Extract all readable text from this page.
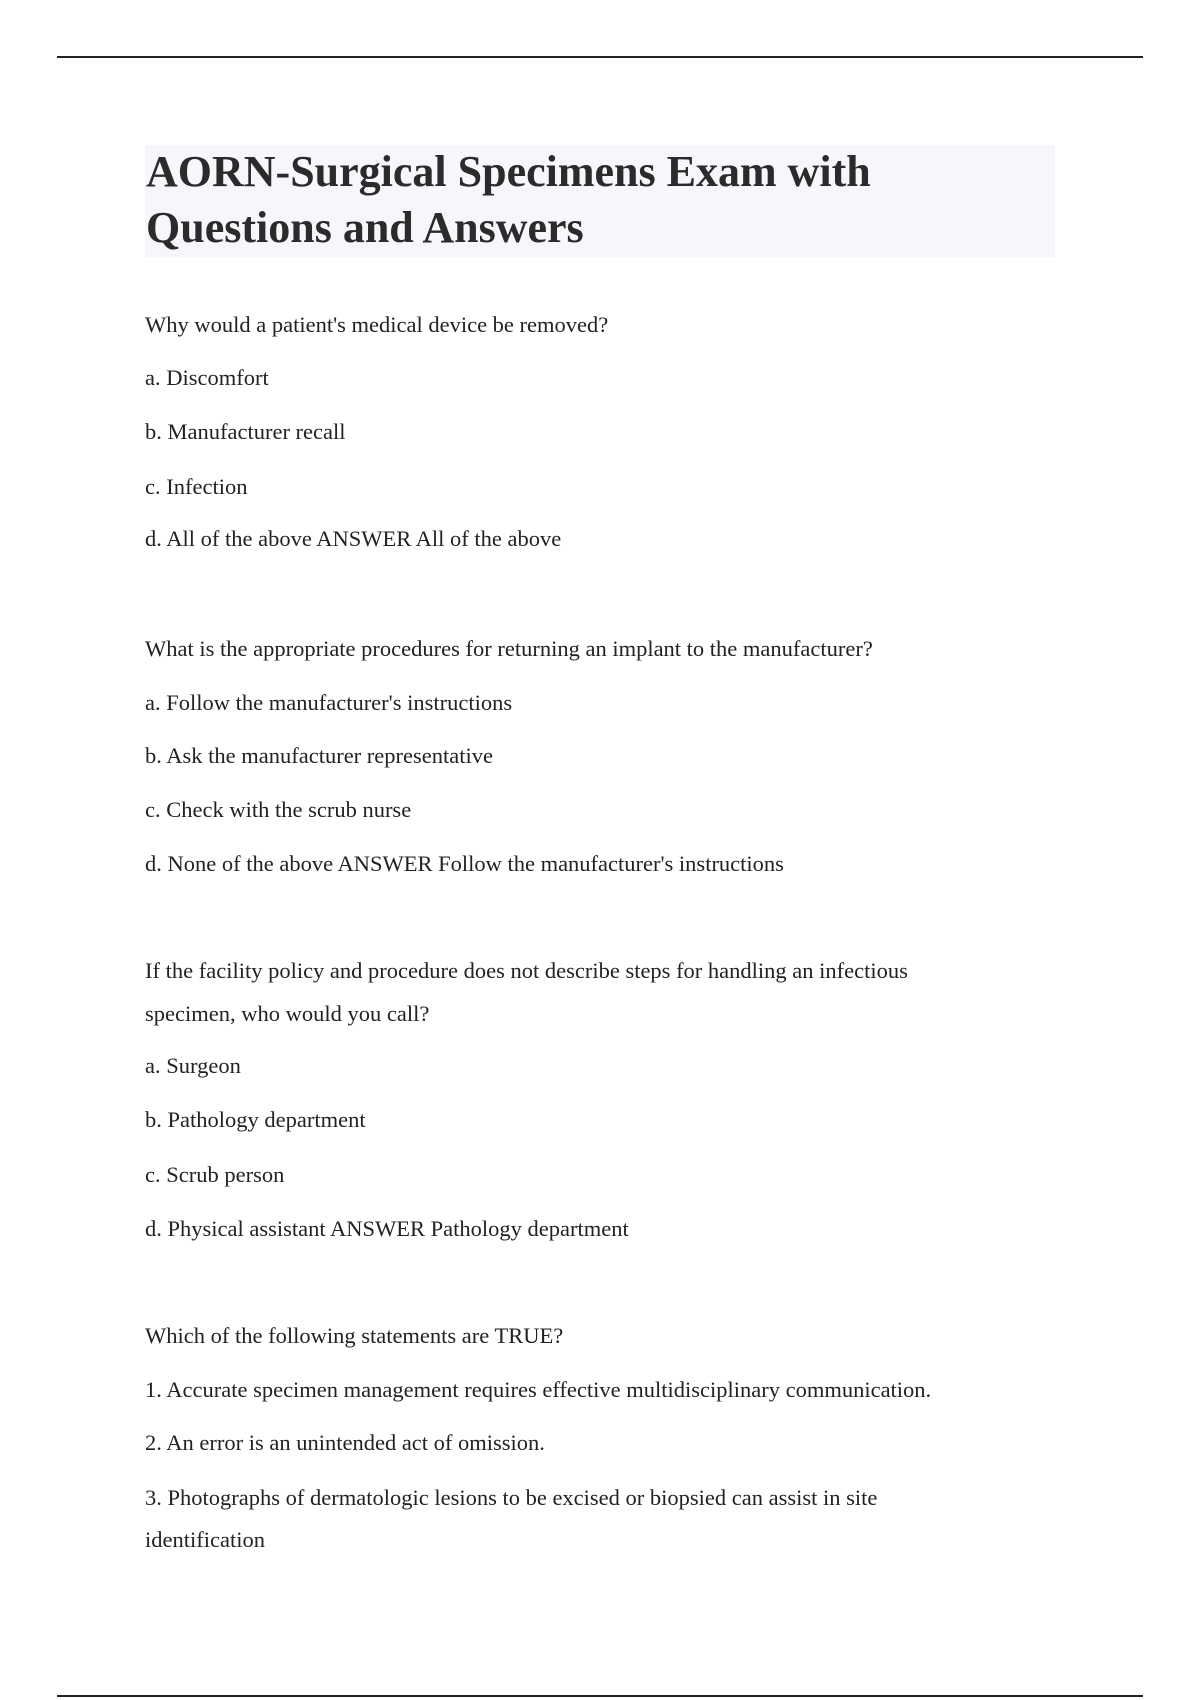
AORN-Surgical Specimens Exam with
Questions and Answers

Why would a patient's medical device be removed?

a. Discomfort

b. Manufacturer recall

c. Infection

d. All of the above ANSWER All of the above

What is the appropriate procedures for returning an implant to the manufacturer?

a. Follow the manufacturer's instructions

b. Ask the manufacturer representative

c. Check with the scrub nurse

d. None of the above ANSWER Follow the manufacturer's instructions

If the facility policy and procedure does not describe steps for handling an infectious

specimen, who would you call?

a. Surgeon

b. Pathology department

c. Scrub person

d. Physical assistant ANSWER Pathology department

Which of the following statements are TRUE?

1. Accurate specimen management requires effective multidisciplinary communication.

2. An error is an unintended act of omission.

3. Photographs of dermatologic lesions to be excised or biopsied can assist in site

identification
